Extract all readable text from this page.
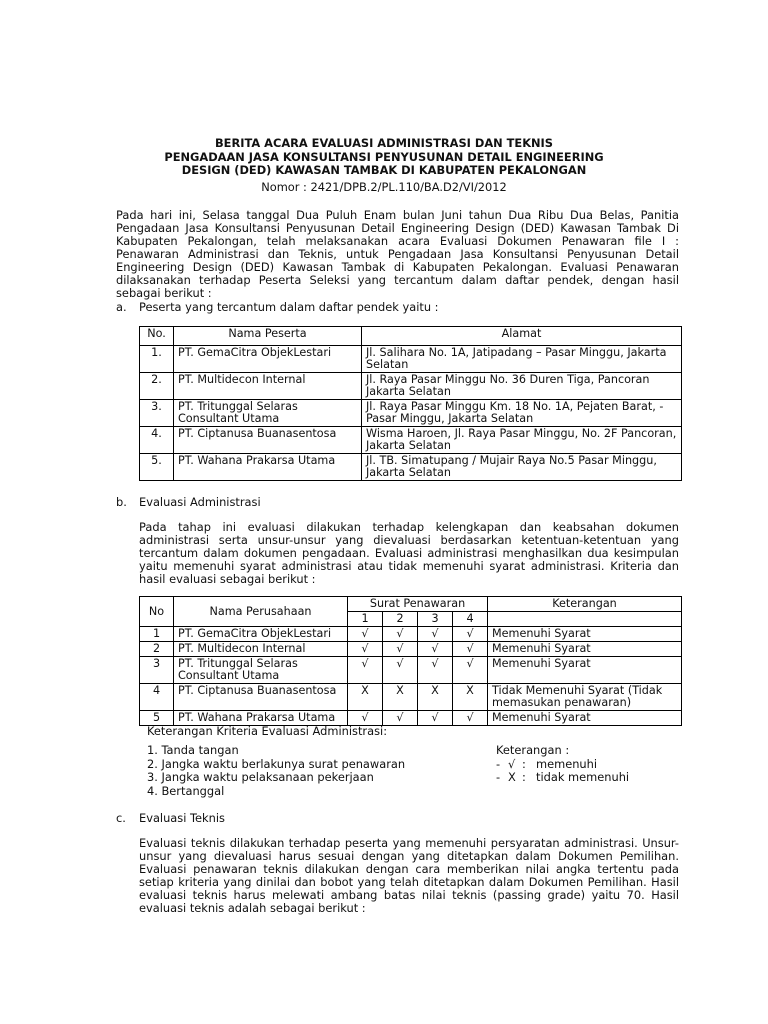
BERITA ACARA EVALUASI ADMINISTRASI DAN TEKNIS
PENGADAAN JASA KONSULTANSI PENYUSUNAN DETAIL ENGINEERING
DESIGN (DED) KAWASAN TAMBAK DI KABUPATEN PEKALONGAN
Nomor : 2421/DPB.2/PL.110/BA.D2/VI/2012
Pada hari ini, Selasa tanggal Dua Puluh Enam bulan Juni tahun Dua Ribu Dua Belas, Panitia Pengadaan Jasa Konsultansi Penyusunan Detail Engineering Design (DED) Kawasan Tambak Di Kabupaten Pekalongan, telah melaksanakan acara Evaluasi Dokumen Penawaran file I : Penawaran Administrasi dan Teknis, untuk Pengadaan Jasa Konsultansi Penyusunan Detail Engineering Design (DED) Kawasan Tambak di Kabupaten Pekalongan. Evaluasi Penawaran dilaksanakan terhadap Peserta Seleksi yang tercantum dalam daftar pendek, dengan hasil sebagai berikut :
a. Peserta yang tercantum dalam daftar pendek yaitu :
No.	Nama Peserta	Alamat
1.	PT. GemaCitra ObjekLestari	Jl. Salihara No. 1A, Jatipadang – Pasar Minggu, Jakarta Selatan
2.	PT. Multidecon Internal	Jl. Raya Pasar Minggu No. 36 Duren Tiga, Pancoran Jakarta Selatan
3.	PT. Tritunggal Selaras Consultant Utama	Jl. Raya Pasar Minggu Km. 18 No. 1A, Pejaten Barat, - Pasar Minggu, Jakarta Selatan
4.	PT. Ciptanusa Buanasentosa	Wisma Haroen, Jl. Raya Pasar Minggu, No. 2F Pancoran, Jakarta Selatan
5.	PT. Wahana Prakarsa Utama	Jl. TB. Simatupang / Mujair Raya No.5 Pasar Minggu, Jakarta Selatan
b. Evaluasi Administrasi
Pada tahap ini evaluasi dilakukan terhadap kelengkapan dan keabsahan dokumen administrasi serta unsur-unsur yang dievaluasi berdasarkan ketentuan-ketentuan yang tercantum dalam dokumen pengadaan. Evaluasi administrasi menghasilkan dua kesimpulan yaitu memenuhi syarat administrasi atau tidak memenuhi syarat administrasi. Kriteria dan hasil evaluasi sebagai berikut :
No	Nama Perusahaan	Surat Penawaran				Keterangan
		1	2	3	4	
1	PT. GemaCitra ObjekLestari	√	√	√	√	Memenuhi Syarat
2	PT. Multidecon Internal	√	√	√	√	Memenuhi Syarat
3	PT. Tritunggal Selaras Consultant Utama	√	√	√	√	Memenuhi Syarat
4	PT. Ciptanusa Buanasentosa	X	X	X	X	Tidak Memenuhi Syarat (Tidak memasukan penawaran)
5	PT. Wahana Prakarsa Utama	√	√	√	√	Memenuhi Syarat
Keterangan Kriteria Evaluasi Administrasi:
1. Tanda tangan
2. Jangka waktu berlakunya surat penawaran
3. Jangka waktu pelaksanaan pekerjaan
4. Bertanggal
Keterangan :
- √ : memenuhi
- X : tidak memenuhi
c. Evaluasi Teknis
Evaluasi teknis dilakukan terhadap peserta yang memenuhi persyaratan administrasi. Unsur-unsur yang dievaluasi harus sesuai dengan yang ditetapkan dalam Dokumen Pemilihan. Evaluasi penawaran teknis dilakukan dengan cara memberikan nilai angka tertentu pada setiap kriteria yang dinilai dan bobot yang telah ditetapkan dalam Dokumen Pemilihan. Hasil evaluasi teknis harus melewati ambang batas nilai teknis (passing grade) yaitu 70. Hasil evaluasi teknis adalah sebagai berikut :
